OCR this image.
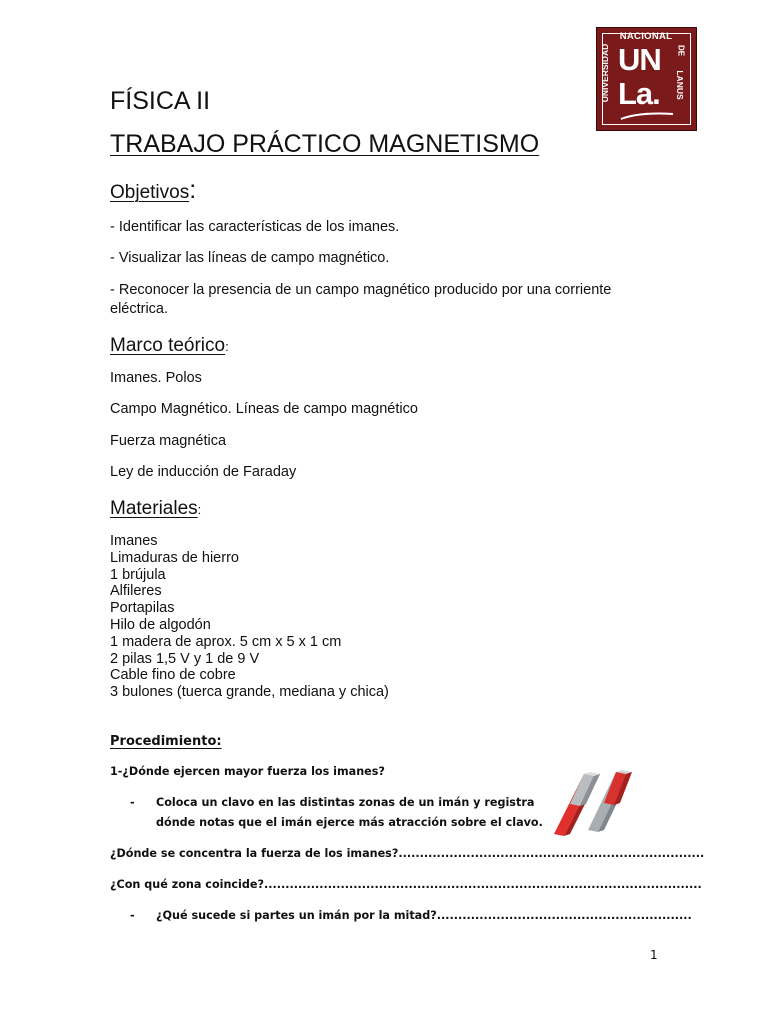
FÍSICA II
TRABAJO PRÁCTICO MAGNETISMO
NACIONAL
UN
La.
UNIVERSIDAD	DE
LANUS
Objetivos:
- Identificar las características de los imanes.
- Visualizar las líneas de campo magnético.
- Reconocer la presencia de un campo magnético producido por una corriente eléctrica.
Marco teórico:
Imanes. Polos
Campo Magnético. Líneas de campo magnético
Fuerza magnética
Ley de inducción de Faraday
Materiales:
Imanes
Limaduras de hierro
1 brújula
Alfileres
Portapilas
Hilo de algodón
1 madera de aprox. 5 cm x 5 x 1 cm
2 pilas 1,5 V y 1 de 9 V
Cable fino de cobre
3 bulones (tuerca grande, mediana y chica)
Procedimiento:
1-¿Dónde ejercen mayor fuerza los imanes?
- Coloca un clavo en las distintas zonas de un imán y registra
dónde notas que el imán ejerce más atracción sobre el clavo.
¿Dónde se concentra la fuerza de los imanes?........................................................................
¿Con qué zona coincide?.......................................................................................................
- ¿Qué sucede si partes un imán por la mitad?............................................................
1
